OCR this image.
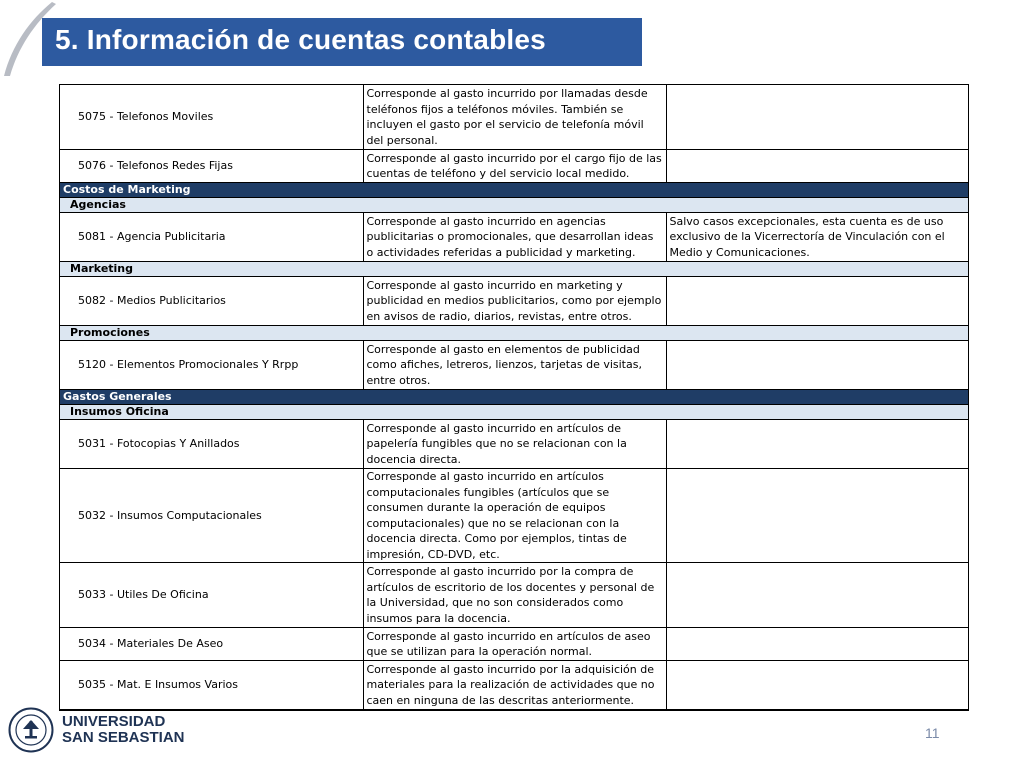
5. Información de cuentas contables
5075 - Telefonos Moviles	Corresponde al gasto incurrido por llamadas desde teléfonos fijos a teléfonos móviles. También se incluyen el gasto por el servicio de telefonía móvil del personal.	
5076 - Telefonos Redes Fijas	Corresponde al gasto incurrido por el cargo fijo de las cuentas de teléfono y del servicio local medido.	
Costos de Marketing		
Agencias		
5081 - Agencia Publicitaria	Corresponde al gasto incurrido en agencias publicitarias o promocionales, que desarrollan ideas o actividades referidas a publicidad y marketing.	Salvo casos excepcionales, esta cuenta es de uso exclusivo de la Vicerrectoría de Vinculación con el Medio y Comunicaciones.
Marketing		
5082 - Medios Publicitarios	Corresponde al gasto incurrido en marketing y publicidad en medios publicitarios, como por ejemplo en avisos de radio, diarios, revistas, entre otros.	
Promociones		
5120 - Elementos Promocionales Y Rrpp	Corresponde al gasto en elementos de publicidad como afiches, letreros, lienzos, tarjetas de visitas, entre otros.	
Gastos Generales		
Insumos Oficina		
5031 - Fotocopias Y Anillados	Corresponde al gasto incurrido en artículos de papelería fungibles que no se relacionan con la docencia directa.	
5032 - Insumos Computacionales	Corresponde al gasto incurrido en artículos computacionales fungibles (artículos que se consumen durante la operación de equipos computacionales) que no se relacionan con la docencia directa. Como por ejemplos, tintas de impresión, CD-DVD, etc.	
5033 - Utiles De Oficina	Corresponde al gasto incurrido por la compra de artículos de escritorio de los docentes y personal de la Universidad, que no son considerados como insumos para la docencia.	
5034 - Materiales De Aseo	Corresponde al gasto incurrido en artículos de aseo que se utilizan para la operación normal.	
5035 - Mat. E Insumos Varios	Corresponde al gasto incurrido por la adquisición de materiales para la realización de actividades que no caen en ninguna de las descritas anteriormente.	
UNIVERSIDAD
SAN SEBASTIAN	11
